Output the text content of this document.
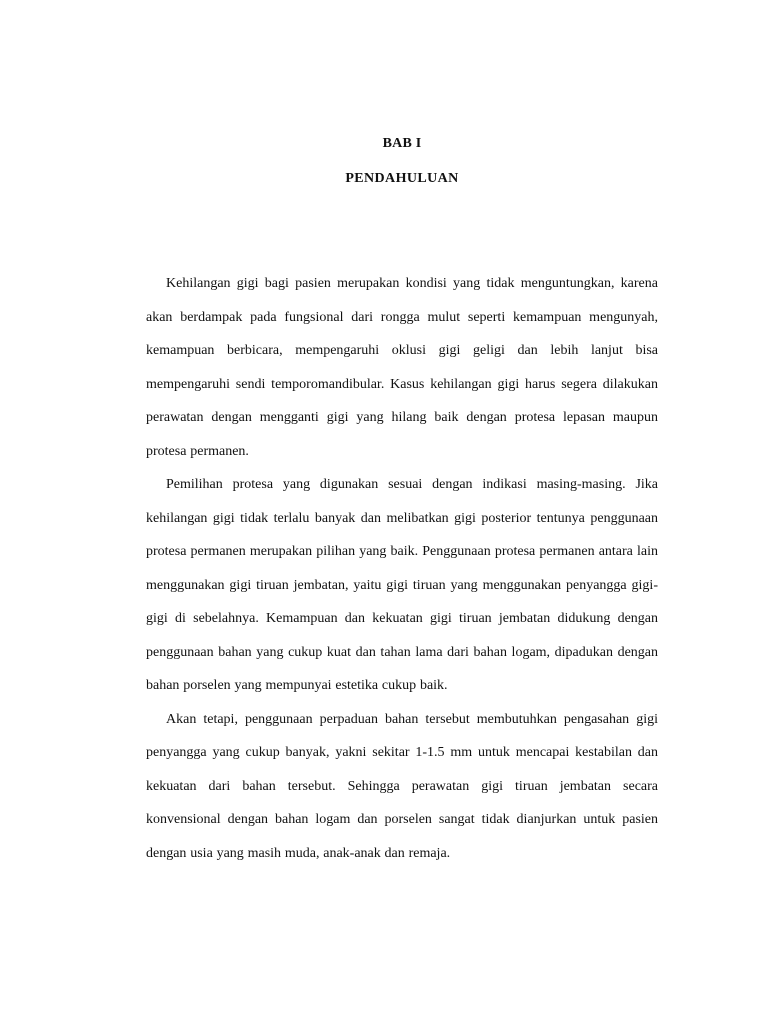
BAB I
PENDAHULUAN

Kehilangan gigi bagi pasien merupakan kondisi yang tidak menguntungkan, karena akan berdampak pada fungsional dari rongga mulut seperti kemampuan mengunyah, kemampuan berbicara, mempengaruhi oklusi gigi geligi dan lebih lanjut bisa mempengaruhi sendi temporomandibular. Kasus kehilangan gigi harus segera dilakukan perawatan dengan mengganti gigi yang hilang baik dengan protesa lepasan maupun protesa permanen.

Pemilihan protesa yang digunakan sesuai dengan indikasi masing-masing. Jika kehilangan gigi tidak terlalu banyak dan melibatkan gigi posterior tentunya penggunaan protesa permanen merupakan pilihan yang baik. Penggunaan protesa permanen antara lain menggunakan gigi tiruan jembatan, yaitu gigi tiruan yang menggunakan penyangga gigi-gigi di sebelahnya. Kemampuan dan kekuatan gigi tiruan jembatan didukung dengan penggunaan bahan yang cukup kuat dan tahan lama dari bahan logam, dipadukan dengan bahan porselen yang mempunyai estetika cukup baik.

Akan tetapi, penggunaan perpaduan bahan tersebut membutuhkan pengasahan gigi penyangga yang cukup banyak, yakni sekitar 1-1.5 mm untuk mencapai kestabilan dan kekuatan dari bahan tersebut. Sehingga perawatan gigi tiruan jembatan secara konvensional dengan bahan logam dan porselen sangat tidak dianjurkan untuk pasien dengan usia yang masih muda, anak-anak dan remaja.
